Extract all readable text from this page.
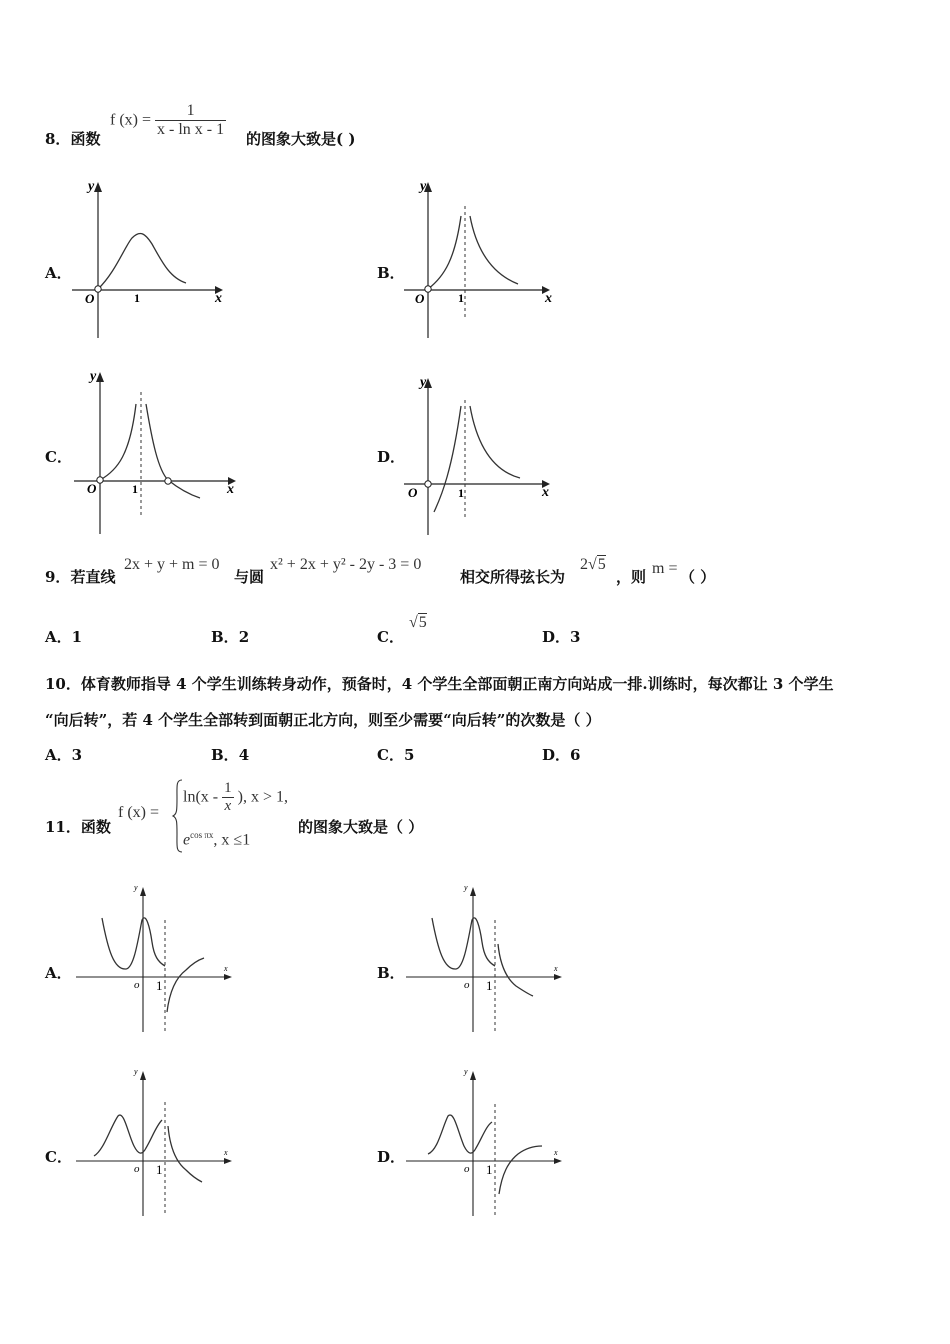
8．函数
f $(x) = \frac{1}{\text{x - ln x - 1}}$ 的图象大致是( )
A．	B．
C．	D．
y
x
O	1
y
x
O	1
y
x
O	1
y
x
O	1
9．若直线
2x + y + m = 0
与圆
x² + 2x + y² - 2y - 3 = 0
相交所得弦长为
2√5
，则 m = （ ）
A．1	B．2	C．
√5
D．3
10．体育教师指导 4 个学生训练转身动作，预备时，4 个学生全部面朝正南方向站成一排.训练时，每次都让 3 个学生
“向后转”，若 4 个学生全部转到面朝正北方向，则至少需要“向后转”的次数是（ ）
A．3	B．4	C．5	D．6
11．函数
f (x) =
$\ln(x - \frac{1}{x}$ ), x > 1,
$e^{cos \pi x}$, x ≤1
的图象大致是（ ）
A．	B．
C．	D．
y
x
o 1
y
x
o 1
y
x
o 1
y
x
o 1
